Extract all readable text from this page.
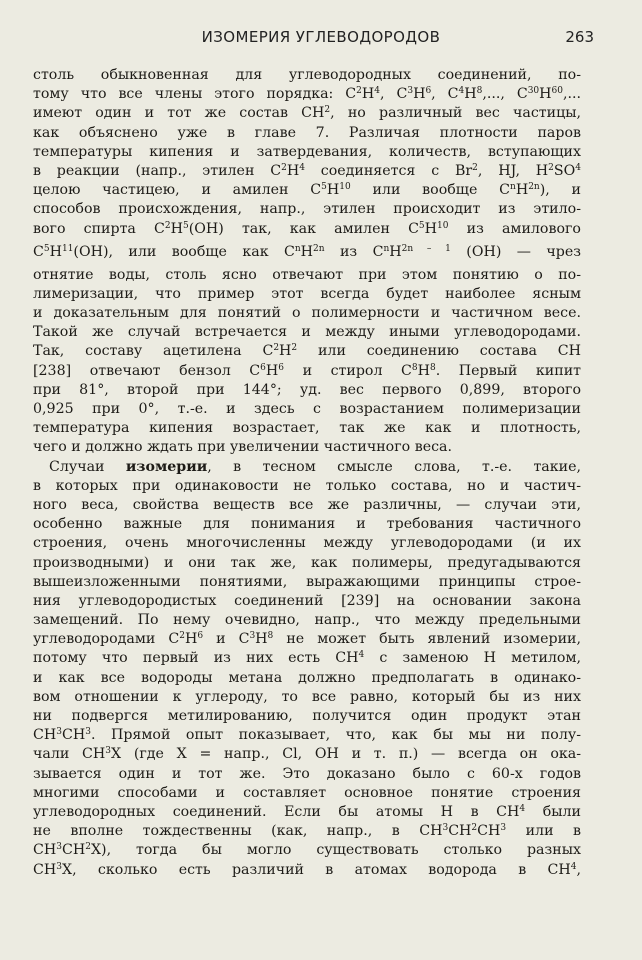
ИЗОМЕРИЯ УГЛЕВОДОРОДОВ	263
столь обыкновенная для углеводородных соединений, по-
тому что все члены этого порядка: $C^2H^4$, $C^3H^6$, $C^4H^8$,..., $C^{30}H^{60}$,...
имеют один и тот же состав $CH^2$, но различный вес частицы,
как объяснено уже в главе 7. Различая плотности паров
температуры кипения и затвердевания, количеств, вступающих
в реакции (напр., этилен $C^2H^4$ соединяется с Br$^2$, HJ, $H^2SO^4$
целою частицею, и амилен $C^5H^{10}$ или вообще $C^nH^{2n}$), и
способов происхождения, напр., этилен происходит из этило-
вого спирта $C^2H^5(OH)$ так, как амилен $C^5H^{10}$ из амилового
$C^5H^{11}(OH)$, или вообще как $C^nH^{2n}$ из $C^nH^{2n - 1}$ (OH) — чрез
отнятие воды, столь ясно отвечают при этом понятию о по-
лимеризации, что пример этот всегда будет наиболее ясным
и доказательным для понятий о полимерности и частичном весе.
Такой же случай встречается и между иными углеводородами.
Так, составу ацетилена $C^2H^2$ или соединению состава CH
[238] отвечают бензол $C^6H^6$ и стирол $C^8H^8$. Первый кипит
при 81°, второй при 144°; уд. вес первого 0,899, второго
0,925 при 0°, т.-е. и здесь с возрастанием полимеризации
температура кипения возрастает, так же как и плотность,
чего и должно ждать при увеличении частичного веса.
Случаи изомерии, в тесном смысле слова, т.-е. такие,
в которых при одинаковости не только состава, но и частич-
ного веса, свойства веществ все же различны, — случаи эти,
особенно важные для понимания и требования частичного
строения, очень многочисленны между углеводородами (и их
производными) и они так же, как полимеры, предугадываются
вышеизложенными понятиями, выражающими принципы строе-
ния углеводородистых соединений [239] на основании закона
замещений. По нему очевидно, напр., что между предельными
углеводородами $C^2H^6$ и $C^3H^8$ не может быть явлений изомерии,
потому что первый из них есть $CH^4$ с заменою H метилом,
и как все водороды метана должно предполагать в одинако-
вом отношении к углероду, то все равно, который бы из них
ни подвергся метилированию, получится один продукт этан
$CH^3CH^3$. Прямой опыт показывает, что, как бы мы ни полу-
чали $CH^3X$ (где X = напр., Cl, OH и т. п.) — всегда он ока-
зывается один и тот же. Это доказано было с 60-х годов
многими способами и составляет основное понятие строения
углеводородных соединений. Если бы атомы H в $CH^4$ были
не вполне тождественны (как, напр., в $CH^3CH^2CH^3$ или в
$CH^3CH^2X$), тогда бы могло существовать столько разных
$CH^3X$, сколько есть различий в атомах водорода в $CH^4$,
